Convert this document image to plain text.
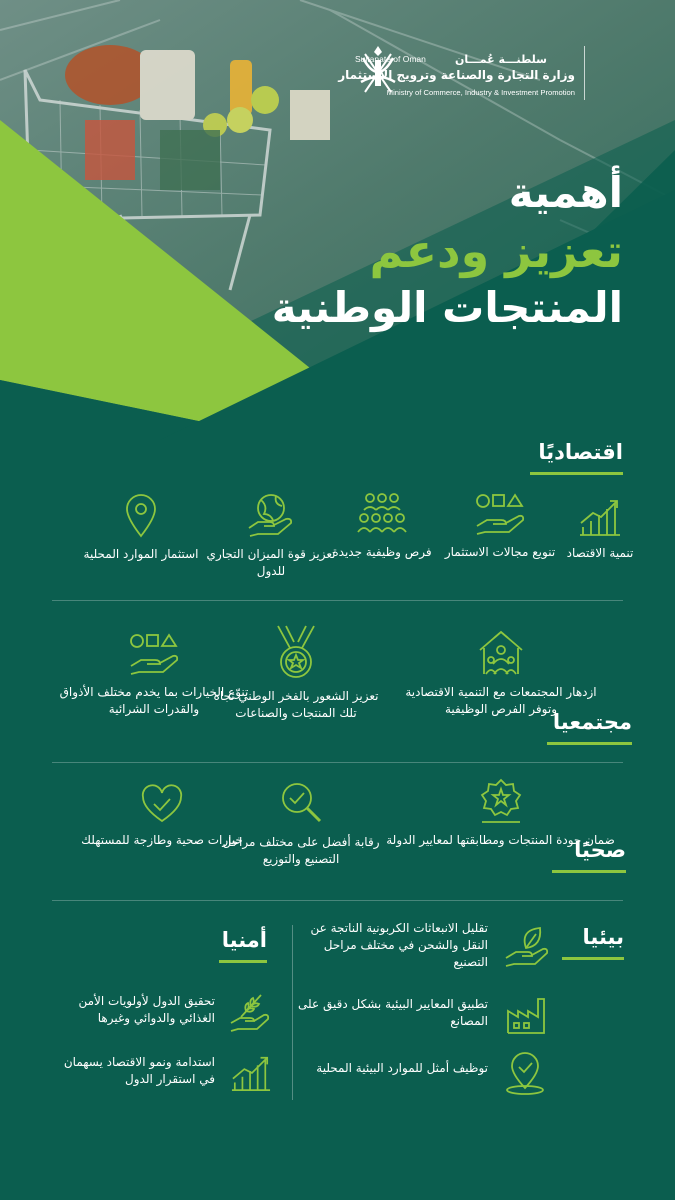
Sultanate of Oman	سلطنـــة عُمـــان
وزارة التجارة والصناعة وترويج الاستثمار
Ministry of Commerce, Industry & Investment Promotion
أهمية
تعزيز ودعم
المنتجات الوطنية
اقتصاديًا
تنمية الاقتصاد
تنويع مجالات الاستثمار
فرص وظيفية جديدة
تعزيز قوة الميزان التجاري للدول
استثمار الموارد المحلية
مجتمعيا
ازدهار المجتمعات مع التنمية الاقتصادية وتوفر الفرص الوظيفية
تعزيز الشعور بالفخر الوطني تجاه تلك المنتجات والصناعات
تنوّع الخيارات بما يخدم مختلف الأذواق والقدرات الشرائية
صحيًا
ضمان جودة المنتجات ومطابقتها لمعايير الدولة
رقابة أفضل على مختلف مراحل التصنيع والتوزيع
خيارات صحية وطازجة للمستهلك
بيئيا
تقليل الانبعاثات الكربونية الناتجة عن النقل والشحن في مختلف مراحل التصنيع
تطبيق المعايير البيئية بشكل دقيق على المصانع
توظيف أمثل للموارد البيئية المحلية
أمنيا
تحقيق الدول لأولويات الأمن الغذائي والدوائي وغيرها
استدامة ونمو الاقتصاد يسهمان في استقرار الدول
